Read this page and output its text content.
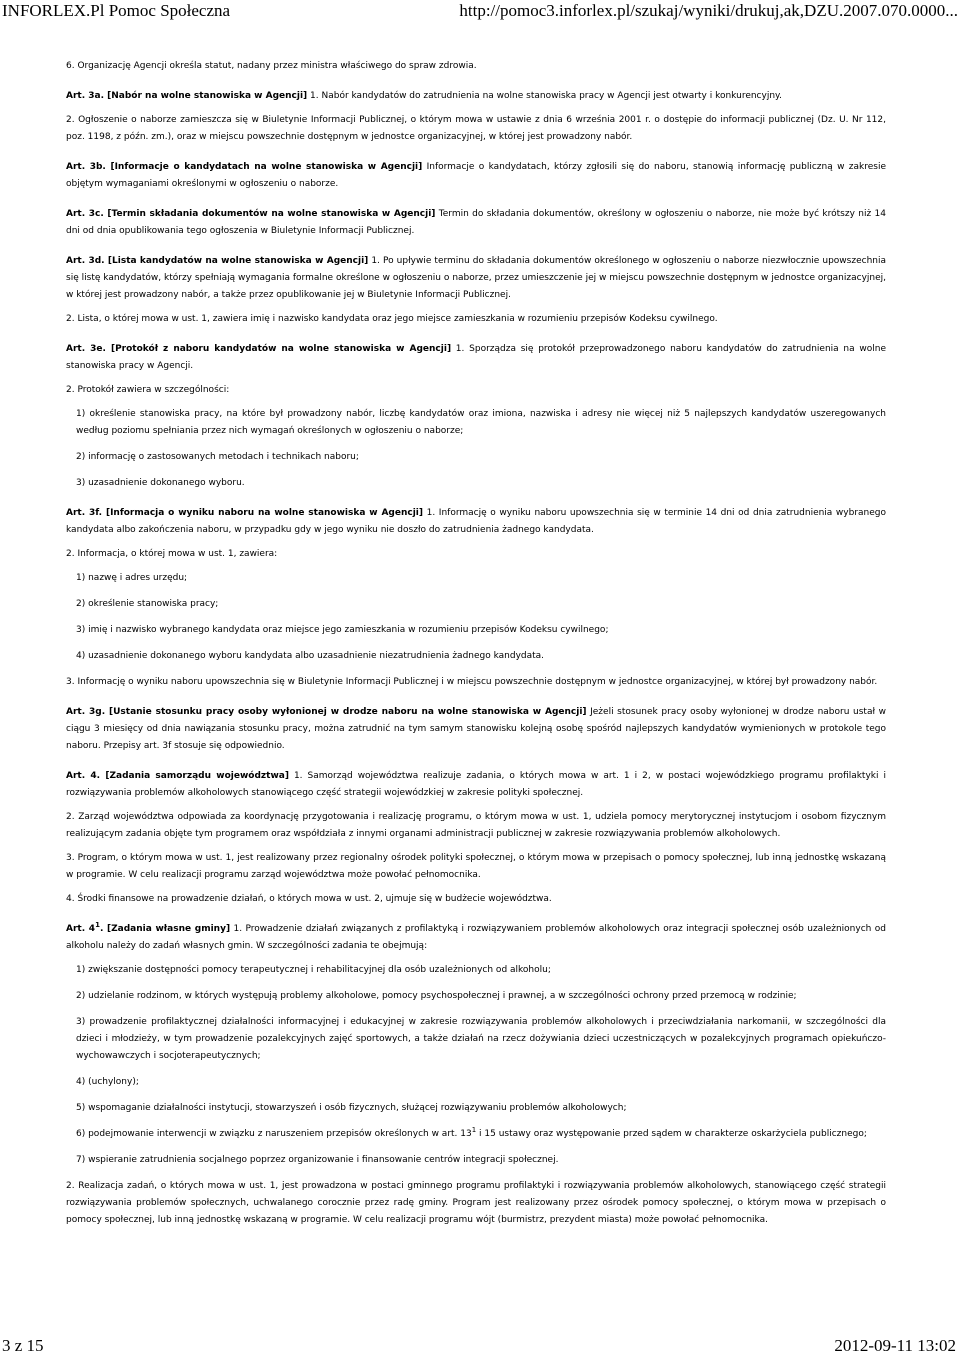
INFORLEX.Pl Pomoc Społeczna	http://pomoc3.inforlex.pl/szukaj/wyniki/drukuj,ak,DZU.2007.070.0000...

6. Organizację Agencji określa statut, nadany przez ministra właściwego do spraw zdrowia.

Art. 3a. [Nabór na wolne stanowiska w Agencji] 1. Nabór kandydatów do zatrudnienia na wolne stanowiska pracy w Agencji jest otwarty i konkurencyjny.

2. Ogłoszenie o naborze zamieszcza się w Biuletynie Informacji Publicznej, o którym mowa w ustawie z dnia 6 września 2001 r. o dostępie do informacji publicznej (Dz. U. Nr 112, poz. 1198, z późn. zm.), oraz w miejscu powszechnie dostępnym w jednostce organizacyjnej, w której jest prowadzony nabór.

Art. 3b. [Informacje o kandydatach na wolne stanowiska w Agencji] Informacje o kandydatach, którzy zgłosili się do naboru, stanowią informację publiczną w zakresie objętym wymaganiami określonymi w ogłoszeniu o naborze.

Art. 3c. [Termin składania dokumentów na wolne stanowiska w Agencji] Termin do składania dokumentów, określony w ogłoszeniu o naborze, nie może być krótszy niż 14 dni od dnia opublikowania tego ogłoszenia w Biuletynie Informacji Publicznej.

Art. 3d. [Lista kandydatów na wolne stanowiska w Agencji] 1. Po upływie terminu do składania dokumentów określonego w ogłoszeniu o naborze niezwłocznie upowszechnia się listę kandydatów, którzy spełniają wymagania formalne określone w ogłoszeniu o naborze, przez umieszczenie jej w miejscu powszechnie dostępnym w jednostce organizacyjnej, w której jest prowadzony nabór, a także przez opublikowanie jej w Biuletynie Informacji Publicznej.

2. Lista, o której mowa w ust. 1, zawiera imię i nazwisko kandydata oraz jego miejsce zamieszkania w rozumieniu przepisów Kodeksu cywilnego.

Art. 3e. [Protokół z naboru kandydatów na wolne stanowiska w Agencji] 1. Sporządza się protokół przeprowadzonego naboru kandydatów do zatrudnienia na wolne stanowiska pracy w Agencji.

2. Protokół zawiera w szczególności:

1) określenie stanowiska pracy, na które był prowadzony nabór, liczbę kandydatów oraz imiona, nazwiska i adresy nie więcej niż 5 najlepszych kandydatów uszeregowanych według poziomu spełniania przez nich wymagań określonych w ogłoszeniu o naborze;

2) informację o zastosowanych metodach i technikach naboru;

3) uzasadnienie dokonanego wyboru.

Art. 3f. [Informacja o wyniku naboru na wolne stanowiska w Agencji] 1. Informację o wyniku naboru upowszechnia się w terminie 14 dni od dnia zatrudnienia wybranego kandydata albo zakończenia naboru, w przypadku gdy w jego wyniku nie doszło do zatrudnienia żadnego kandydata.

2. Informacja, o której mowa w ust. 1, zawiera:

1) nazwę i adres urzędu;

2) określenie stanowiska pracy;

3) imię i nazwisko wybranego kandydata oraz miejsce jego zamieszkania w rozumieniu przepisów Kodeksu cywilnego;

4) uzasadnienie dokonanego wyboru kandydata albo uzasadnienie niezatrudnienia żadnego kandydata.

3. Informację o wyniku naboru upowszechnia się w Biuletynie Informacji Publicznej i w miejscu powszechnie dostępnym w jednostce organizacyjnej, w której był prowadzony nabór.

Art. 3g. [Ustanie stosunku pracy osoby wyłonionej w drodze naboru na wolne stanowiska w Agencji] Jeżeli stosunek pracy osoby wyłonionej w drodze naboru ustał w ciągu 3 miesięcy od dnia nawiązania stosunku pracy, można zatrudnić na tym samym stanowisku kolejną osobę spośród najlepszych kandydatów wymienionych w protokole tego naboru. Przepisy art. 3f stosuje się odpowiednio.

Art. 4. [Zadania samorządu województwa] 1. Samorząd województwa realizuje zadania, o których mowa w art. 1 i 2, w postaci wojewódzkiego programu profilaktyki i rozwiązywania problemów alkoholowych stanowiącego część strategii wojewódzkiej w zakresie polityki społecznej.

2. Zarząd województwa odpowiada za koordynację przygotowania i realizację programu, o którym mowa w ust. 1, udziela pomocy merytorycznej instytucjom i osobom fizycznym realizującym zadania objęte tym programem oraz współdziała z innymi organami administracji publicznej w zakresie rozwiązywania problemów alkoholowych.

3. Program, o którym mowa w ust. 1, jest realizowany przez regionalny ośrodek polityki społecznej, o którym mowa w przepisach o pomocy społecznej, lub inną jednostkę wskazaną w programie. W celu realizacji programu zarząd województwa może powołać pełnomocnika.

4. Środki finansowe na prowadzenie działań, o których mowa w ust. 2, ujmuje się w budżecie województwa.

Art. $4^1$. [Zadania własne gminy] 1. Prowadzenie działań związanych z profilaktyką i rozwiązywaniem problemów alkoholowych oraz integracji społecznej osób uzależnionych od alkoholu należy do zadań własnych gmin. W szczególności zadania te obejmują:

1) zwiększanie dostępności pomocy terapeutycznej i rehabilitacyjnej dla osób uzależnionych od alkoholu;

2) udzielanie rodzinom, w których występują problemy alkoholowe, pomocy psychospołecznej i prawnej, a w szczególności ochrony przed przemocą w rodzinie;

3) prowadzenie profilaktycznej działalności informacyjnej i edukacyjnej w zakresie rozwiązywania problemów alkoholowych i przeciwdziałania narkomanii, w szczególności dla dzieci i młodzieży, w tym prowadzenie pozalekcyjnych zajęć sportowych, a także działań na rzecz dożywiania dzieci uczestniczących w pozalekcyjnych programach opiekuńczo-wychowawczych i socjoterapeutycznych;

4) (uchylony);

5) wspomaganie działalności instytucji, stowarzyszeń i osób fizycznych, służącej rozwiązywaniu problemów alkoholowych;

6) podejmowanie interwencji w związku z naruszeniem przepisów określonych w art. $13^1$ i 15 ustawy oraz występowanie przed sądem w charakterze oskarżyciela publicznego;

7) wspieranie zatrudnienia socjalnego poprzez organizowanie i finansowanie centrów integracji społecznej.

2. Realizacja zadań, o których mowa w ust. 1, jest prowadzona w postaci gminnego programu profilaktyki i rozwiązywania problemów alkoholowych, stanowiącego część strategii rozwiązywania problemów społecznych, uchwalanego corocznie przez radę gminy. Program jest realizowany przez ośrodek pomocy społecznej, o którym mowa w przepisach o pomocy społecznej, lub inną jednostkę wskazaną w programie. W celu realizacji programu wójt (burmistrz, prezydent miasta) może powołać pełnomocnika.

3 z 15	2012-09-11 13:02
